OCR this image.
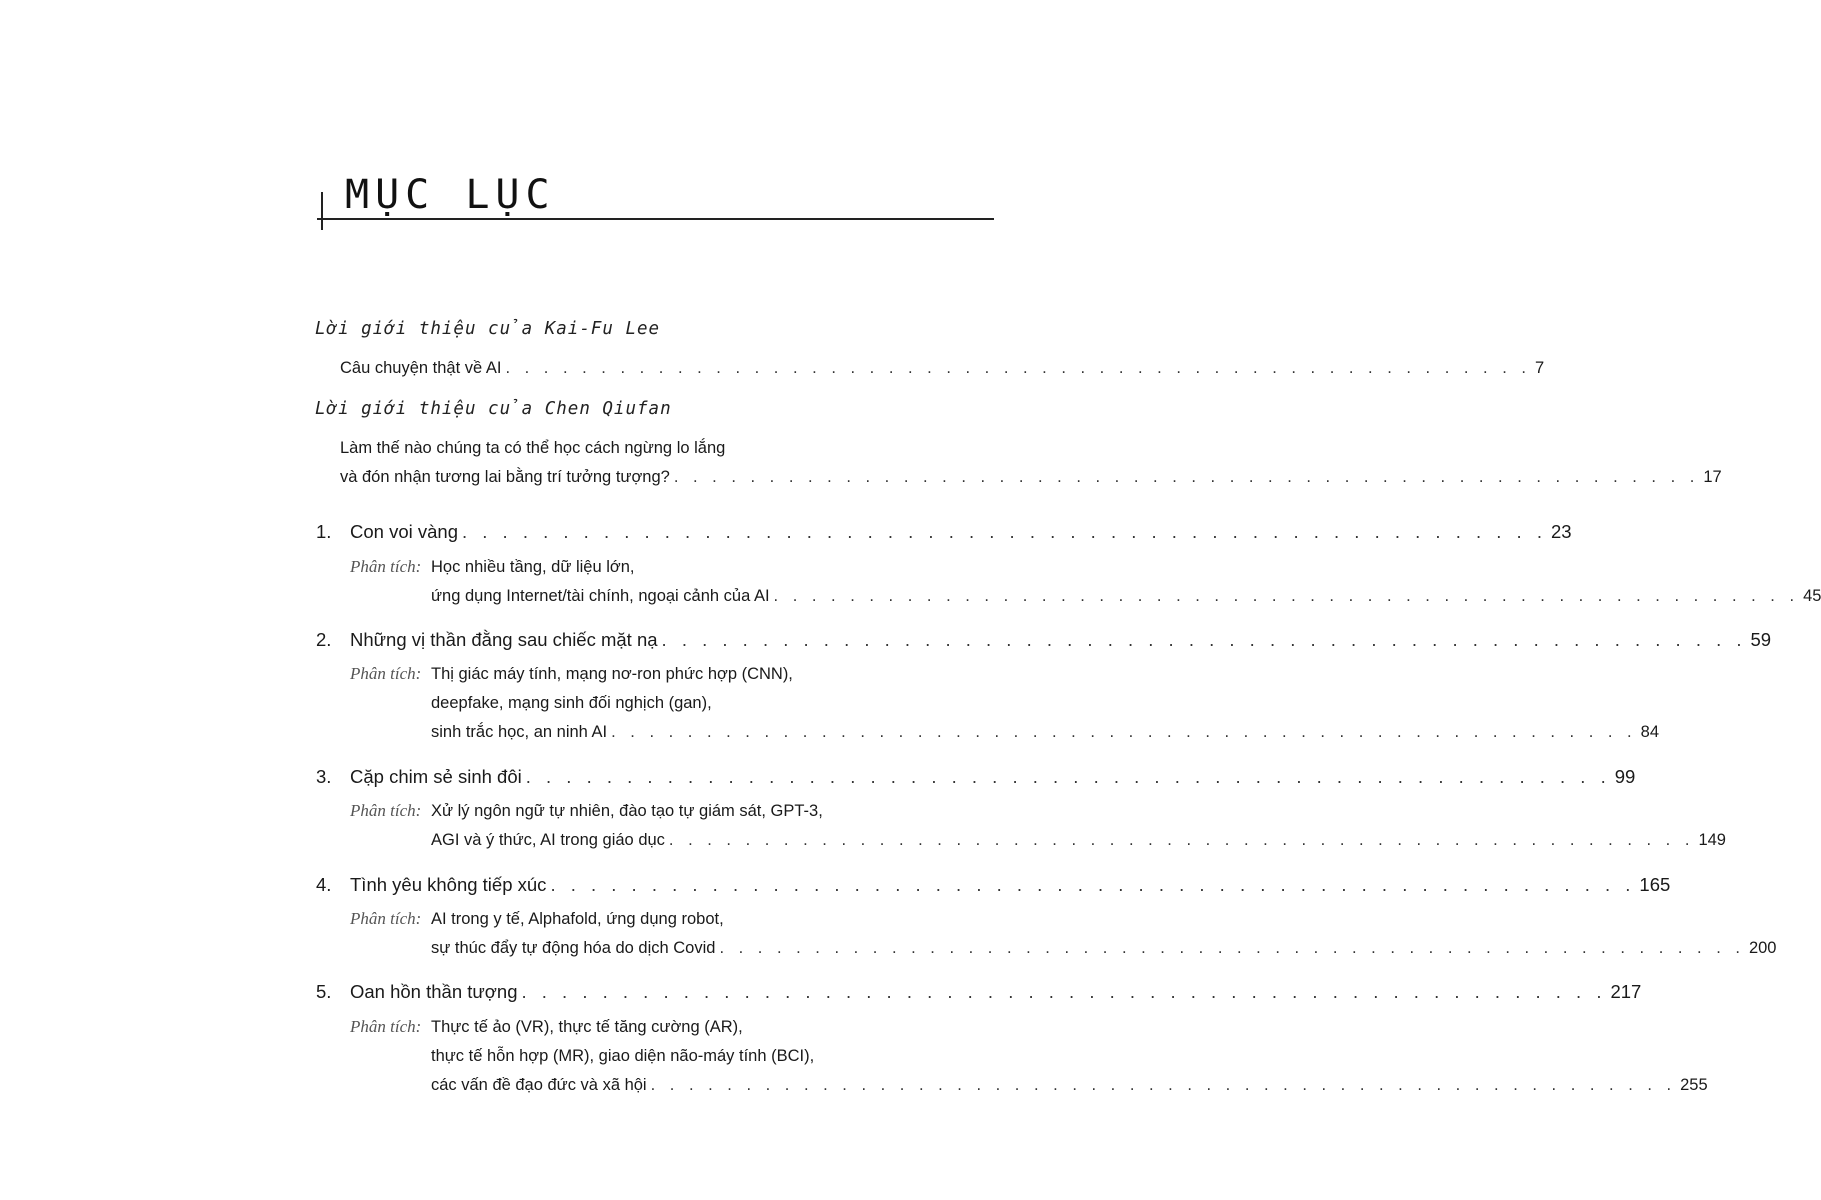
MỤC LỤC
Lời giới thiệu của Kai-Fu Lee
Câu chuyện thật về AI . . . . . . . . . . . . . . . . . . . . . . . . . . . . . . . . . . . . . . . . . . . . . . . . . . . . . . 7
Lời giới thiệu của Chen Qiufan
Làm thế nào chúng ta có thể học cách ngừng lo lắng
và đón nhận tương lai bằng trí tưởng tượng? . . . . . . . . . . . . . . . . . . . . . . . . . . . . . . . . . . . . . . . . . . . . . . . . . . . . . . 17
1. Con voi vàng . . . . . . . . . . . . . . . . . . . . . . . . . . . . . . . . . . . . . . . . . . . . . . . . . . . . . . 23
Phân tích: Học nhiều tầng, dữ liệu lớn,
ứng dụng Internet/tài chính, ngoại cảnh của AI . . . . . . . . . . . . . . . . . . . . . . . . . . . . . . . . . . . . . . . . . . . . . . . . . . . . . . 45
2. Những vị thần đằng sau chiếc mặt nạ . . . . . . . . . . . . . . . . . . . . . . . . . . . . . . . . . . . . . . . . . . . . . . . . . . . . . . 59
Phân tích: Thị giác máy tính, mạng nơ-ron phức hợp (CNN),
deepfake, mạng sinh đối nghịch (gan),
sinh trắc học, an ninh AI . . . . . . . . . . . . . . . . . . . . . . . . . . . . . . . . . . . . . . . . . . . . . . . . . . . . . . 84
3. Cặp chim sẻ sinh đôi . . . . . . . . . . . . . . . . . . . . . . . . . . . . . . . . . . . . . . . . . . . . . . . . . . . . . . 99
Phân tích: Xử lý ngôn ngữ tự nhiên, đào tạo tự giám sát, GPT-3,
AGI và ý thức, AI trong giáo dục . . . . . . . . . . . . . . . . . . . . . . . . . . . . . . . . . . . . . . . . . . . . . . . . . . . . . . 149
4. Tình yêu không tiếp xúc . . . . . . . . . . . . . . . . . . . . . . . . . . . . . . . . . . . . . . . . . . . . . . . . . . . . . . 165
Phân tích: AI trong y tế, Alphafold, ứng dụng robot,
sự thúc đẩy tự động hóa do dịch Covid . . . . . . . . . . . . . . . . . . . . . . . . . . . . . . . . . . . . . . . . . . . . . . . . . . . . . . 200
5. Oan hồn thần tượng . . . . . . . . . . . . . . . . . . . . . . . . . . . . . . . . . . . . . . . . . . . . . . . . . . . . . . 217
Phân tích: Thực tế ảo (VR), thực tế tăng cường (AR),
thực tế hỗn hợp (MR), giao diện não-máy tính (BCI),
các vấn đề đạo đức và xã hội . . . . . . . . . . . . . . . . . . . . . . . . . . . . . . . . . . . . . . . . . . . . . . . . . . . . . . 255
